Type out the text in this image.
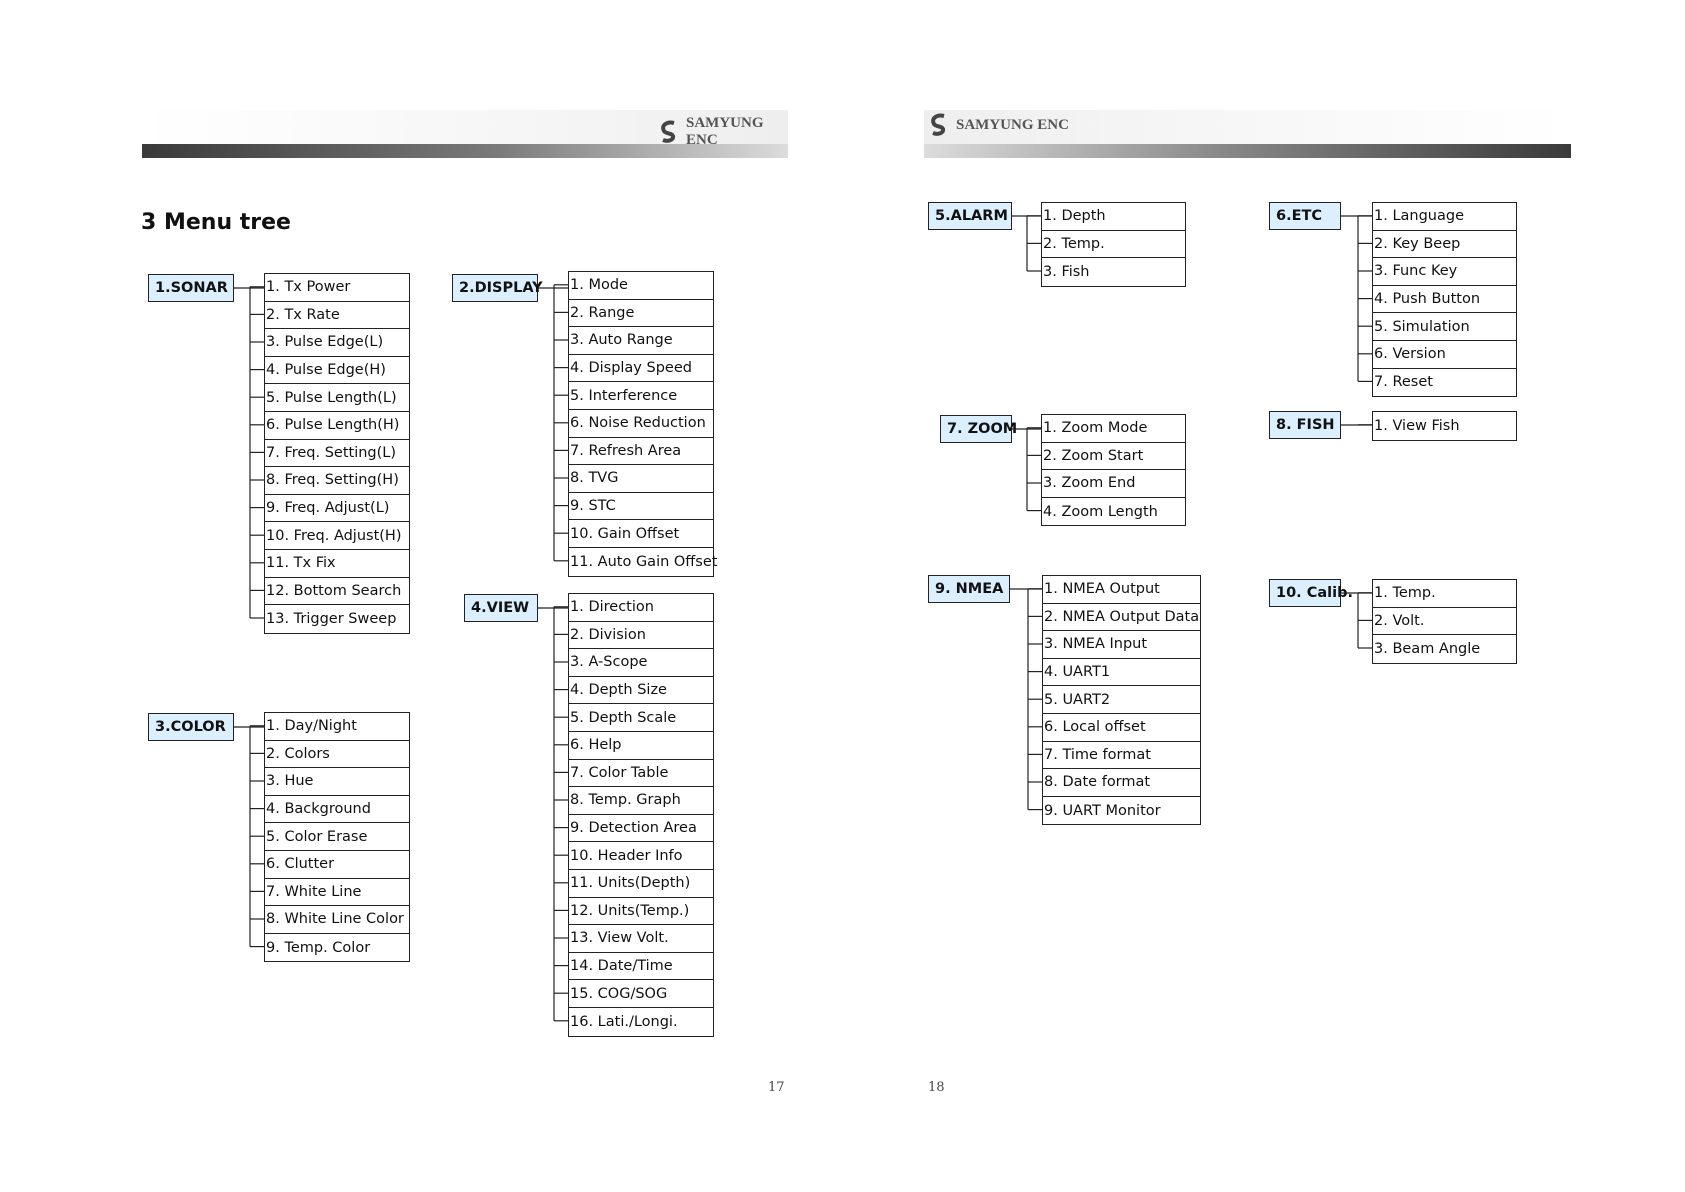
SAMYUNG ENC
SAMYUNG ENC
3 Menu tree
1.SONAR	1. Tx Power
2. Tx Rate
3. Pulse Edge(L)
4. Pulse Edge(H)
5. Pulse Length(L)
6. Pulse Length(H)
7. Freq. Setting(L)
8. Freq. Setting(H)
9. Freq. Adjust(L)
10. Freq. Adjust(H)
11. Tx Fix
12. Bottom Search
13. Trigger Sweep
2.DISPLAY 1. Mode
2. Range
3. Auto Range
4. Display Speed
5. Interference
6. Noise Reduction
7. Refresh Area
8. TVG
9. STC
10. Gain Offset
11. Auto Gain Offset
3.COLOR	1. Day/Night
2. Colors
3. Hue
4. Background
5. Color Erase
6. Clutter
7. White Line
8. White Line Color
9. Temp. Color
4.VIEW	1. Direction
2. Division
3. A-Scope
4. Depth Size
5. Depth Scale
6. Help
7. Color Table
8. Temp. Graph
9. Detection Area
10. Header Info
11. Units(Depth)
12. Units(Temp.)
13. View Volt.
14. Date/Time
15. COG/SOG
16. Lati./Longi.
5.ALARM 1. Depth
2. Temp.
3. Fish
6.ETC	1. Language
2. Key Beep
3. Func Key
4. Push Button
5. Simulation
6. Version
7. Reset
7. ZOOM 1. Zoom Mode
2. Zoom Start
3. Zoom End
4. Zoom Length
8. FISH	1. View Fish
9. NMEA	1. NMEA Output
2. NMEA Output Data
3. NMEA Input
4. UART1
5. UART2
6. Local offset
7. Time format
8. Date format
9. UART Monitor
10. Calib. 1. Temp.
2. Volt.
3. Beam Angle
17	18
